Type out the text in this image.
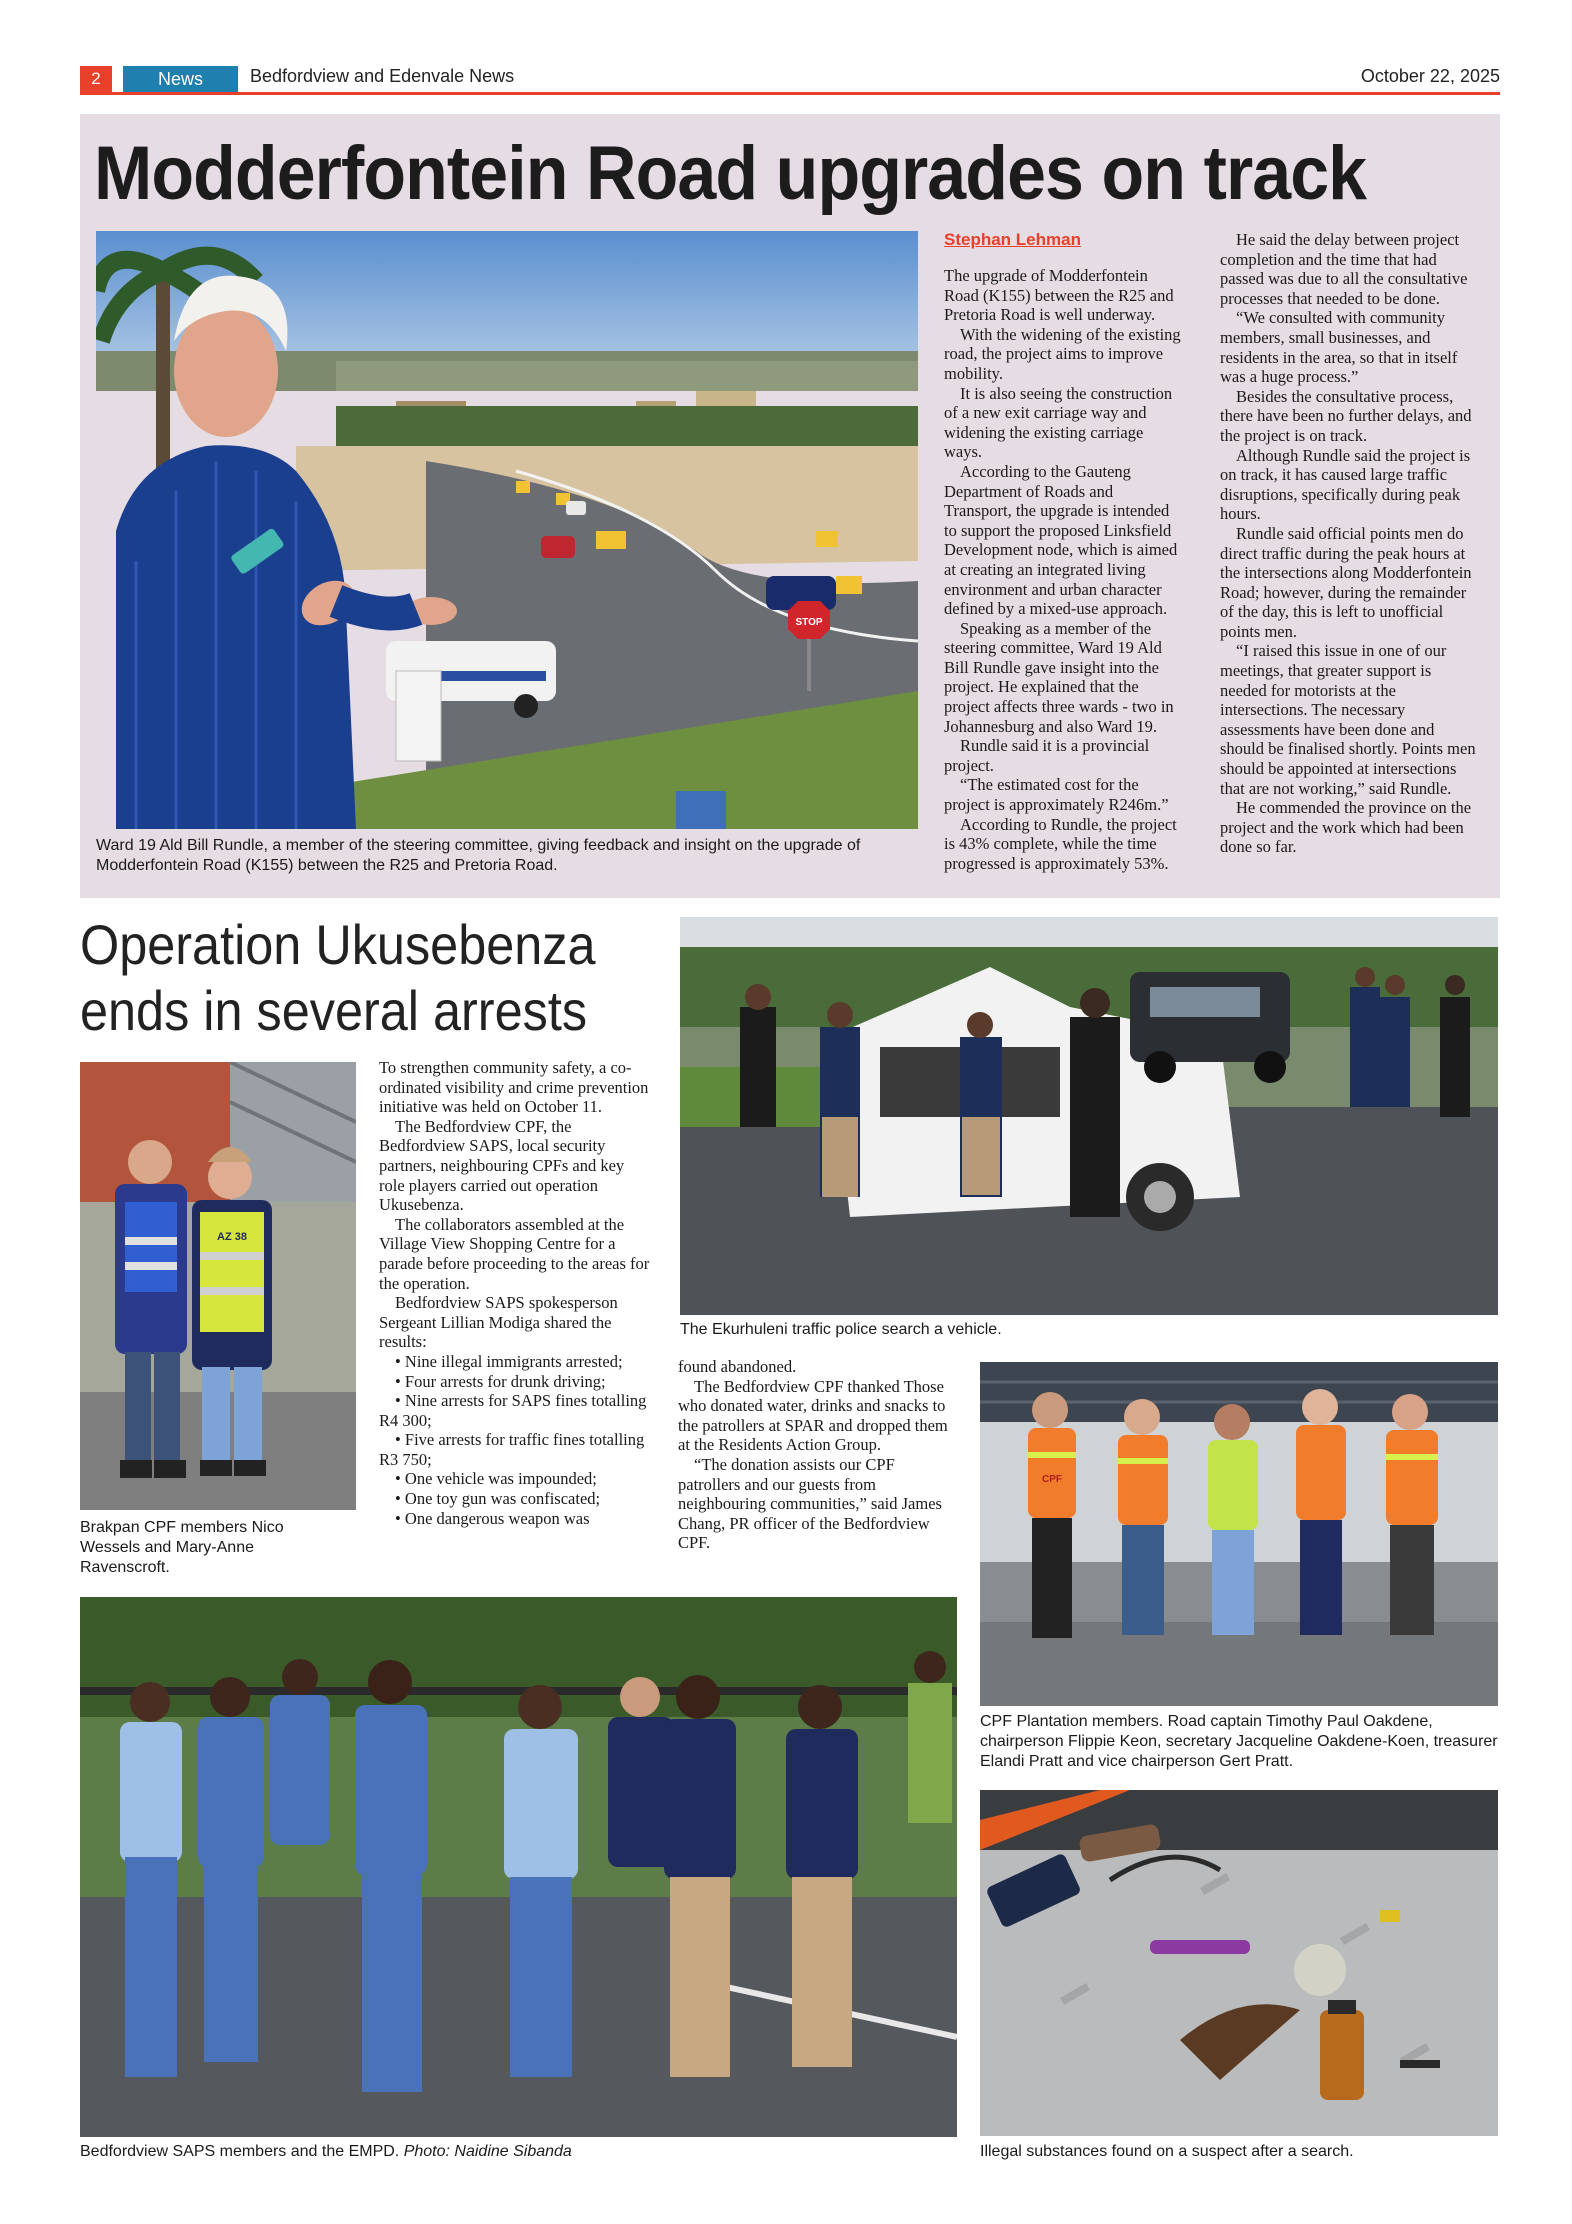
2	News	Bedfordview and Edenvale News	October 22, 2025
Modderfontein Road upgrades on track
STOP
Ward 19 Ald Bill Rundle, a member of the steering committee, giving feedback and insight on the upgrade of Modderfontein Road (K155) between the R25 and Pretoria Road.
Stephan Lehman

The upgrade of Modderfontein Road (K155) between the R25 and Pretoria Road is well underway.

With the widening of the existing road, the project aims to improve mobility.

It is also seeing the construction of a new exit carriage way and widening the existing carriage ways.

According to the Gauteng Department of Roads and Transport, the upgrade is intended to support the proposed Linksfield Development node, which is aimed at creating an integrated living environment and urban character defined by a mixed-use approach.

Speaking as a member of the steering committee, Ward 19 Ald Bill Rundle gave insight into the project. He explained that the project affects three wards - two in Johannesburg and also Ward 19.

Rundle said it is a provincial project.

“The estimated cost for the project is approximately R246m.”

According to Rundle, the project is 43% complete, while the time progressed is approximately 53%.

He said the delay between project completion and the time that had passed was due to all the consultative processes that needed to be done.

“We consulted with community members, small businesses, and residents in the area, so that in itself was a huge process.”

Besides the consultative process, there have been no further delays, and the project is on track.

Although Rundle said the project is on track, it has caused large traffic disruptions, specifically during peak hours.

Rundle said official points men do direct traffic during the peak hours at the intersections along Modderfontein Road; however, during the remainder of the day, this is left to unofficial points men.

“I raised this issue in one of our meetings, that greater support is needed for motorists at the intersections. The necessary assessments have been done and should be finalised shortly. Points men should be appointed at intersections that are not working,” said Rundle.

He commended the province on the project and the work which had been done so far.

Operation Ukusebenza
ends in several arrests
AZ 38
Brakpan CPF members Nico Wessels and Mary-Anne Ravenscroft.

To strengthen community safety, a co-ordinated visibility and crime prevention initiative was held on October 11.

The Bedfordview CPF, the Bedfordview SAPS, local security partners, neighbouring CPFs and key role players carried out operation Ukusebenza.

The collaborators assembled at the Village View Shopping Centre for a parade before proceeding to the areas for the operation.

Bedfordview SAPS spokesperson Sergeant Lillian Modiga shared the results:

• Nine illegal immigrants arrested;

• Four arrests for drunk driving;

• Nine arrests for SAPS fines totalling R4 300;

• Five arrests for traffic fines totalling R3 750;

• One vehicle was impounded;

• One toy gun was confiscated;

• One dangerous weapon was

found abandoned.

The Bedfordview CPF thanked Those who donated water, drinks and snacks to the patrollers at SPAR and dropped them at the Residents Action Group.

“The donation assists our CPF patrollers and our guests from neighbouring communities,” said James Chang, PR officer of the Bedfordview CPF.

The Ekurhuleni traffic police search a vehicle.
CPF
CPF Plantation members. Road captain Timothy Paul Oakdene, chairperson Flippie Keon, secretary Jacqueline Oakdene-Koen, treasurer Elandi Pratt and vice chairperson Gert Pratt.
Bedfordview SAPS members and the EMPD. Photo: Naidine Sibanda	Illegal substances found on a suspect after a search.
